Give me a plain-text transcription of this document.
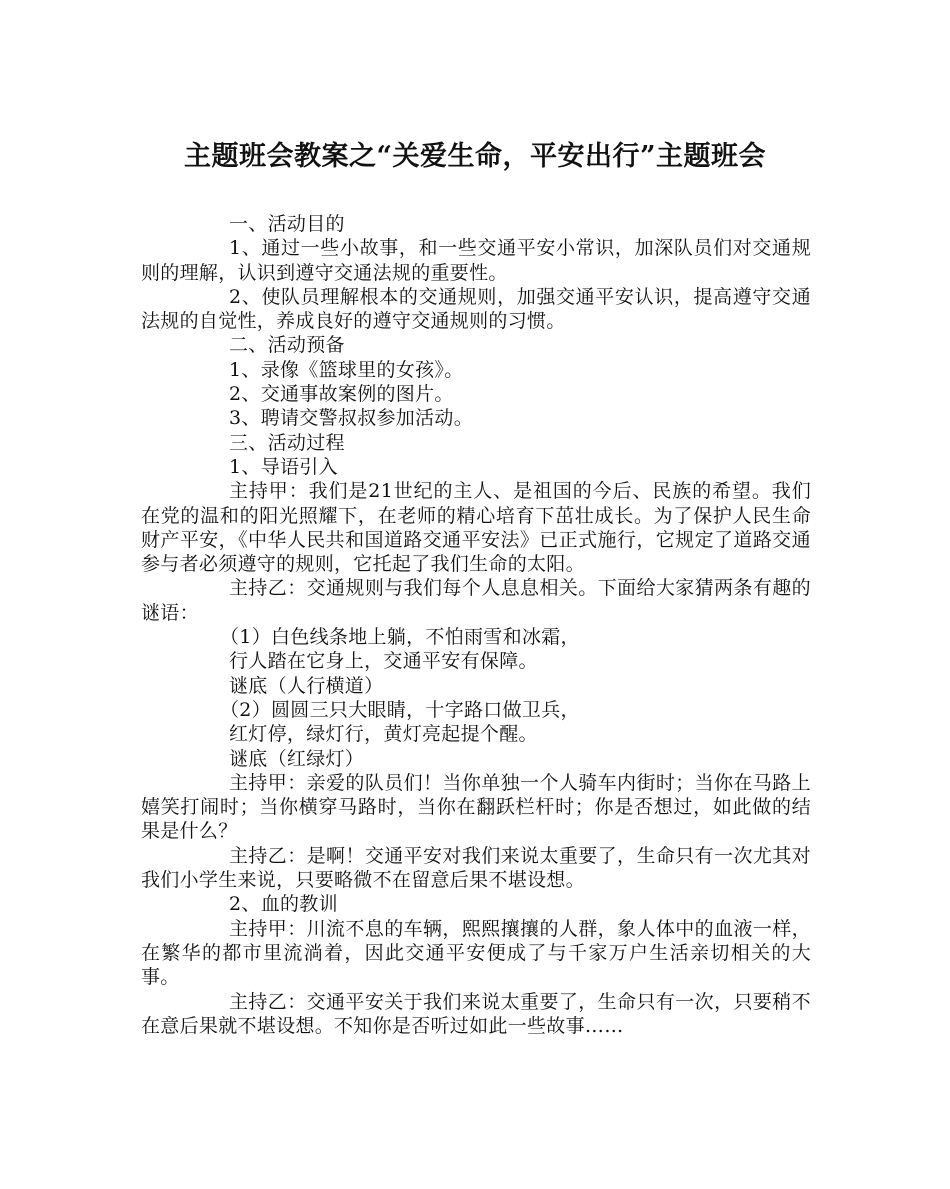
主题班会教案之“关爱生命，平安出行”主题班会

一、活动目的

1、通过一些小故事，和一些交通平安小常识，加深队员们对交通规则的理解，认识到遵守交通法规的重要性。

2、使队员理解根本的交通规则，加强交通平安认识，提高遵守交通法规的自觉性，养成良好的遵守交通规则的习惯。

二、活动预备

1、录像《篮球里的女孩》。

2、交通事故案例的图片。

3、聘请交警叔叔参加活动。

三、活动过程

1、导语引入

主持甲：我们是21世纪的主人、是祖国的今后、民族的希望。我们在党的温和的阳光照耀下，在老师的精心培育下茁壮成长。为了保护人民生命财产平安，《中华人民共和国道路交通平安法》已正式施行，它规定了道路交通参与者必须遵守的规则，它托起了我们生命的太阳。

主持乙：交通规则与我们每个人息息相关。下面给大家猜两条有趣的谜语：

（1）白色线条地上躺，不怕雨雪和冰霜，

行人踏在它身上，交通平安有保障。

谜底（人行横道）

（2）圆圆三只大眼睛，十字路口做卫兵，

红灯停，绿灯行，黄灯亮起提个醒。

谜底（红绿灯）

主持甲：亲爱的队员们！当你单独一个人骑车内街时；当你在马路上嬉笑打闹时；当你横穿马路时，当你在翻跃栏杆时；你是否想过，如此做的结果是什么？

主持乙：是啊！交通平安对我们来说太重要了，生命只有一次尤其对我们小学生来说，只要略微不在留意后果不堪设想。

2、血的教训

主持甲：川流不息的车辆，熙熙攘攘的人群，象人体中的血液一样，在繁华的都市里流淌着，因此交通平安便成了与千家万户生活亲切相关的大事。

主持乙：交通平安关于我们来说太重要了，生命只有一次，只要稍不在意后果就不堪设想。不知你是否听过如此一些故事……
